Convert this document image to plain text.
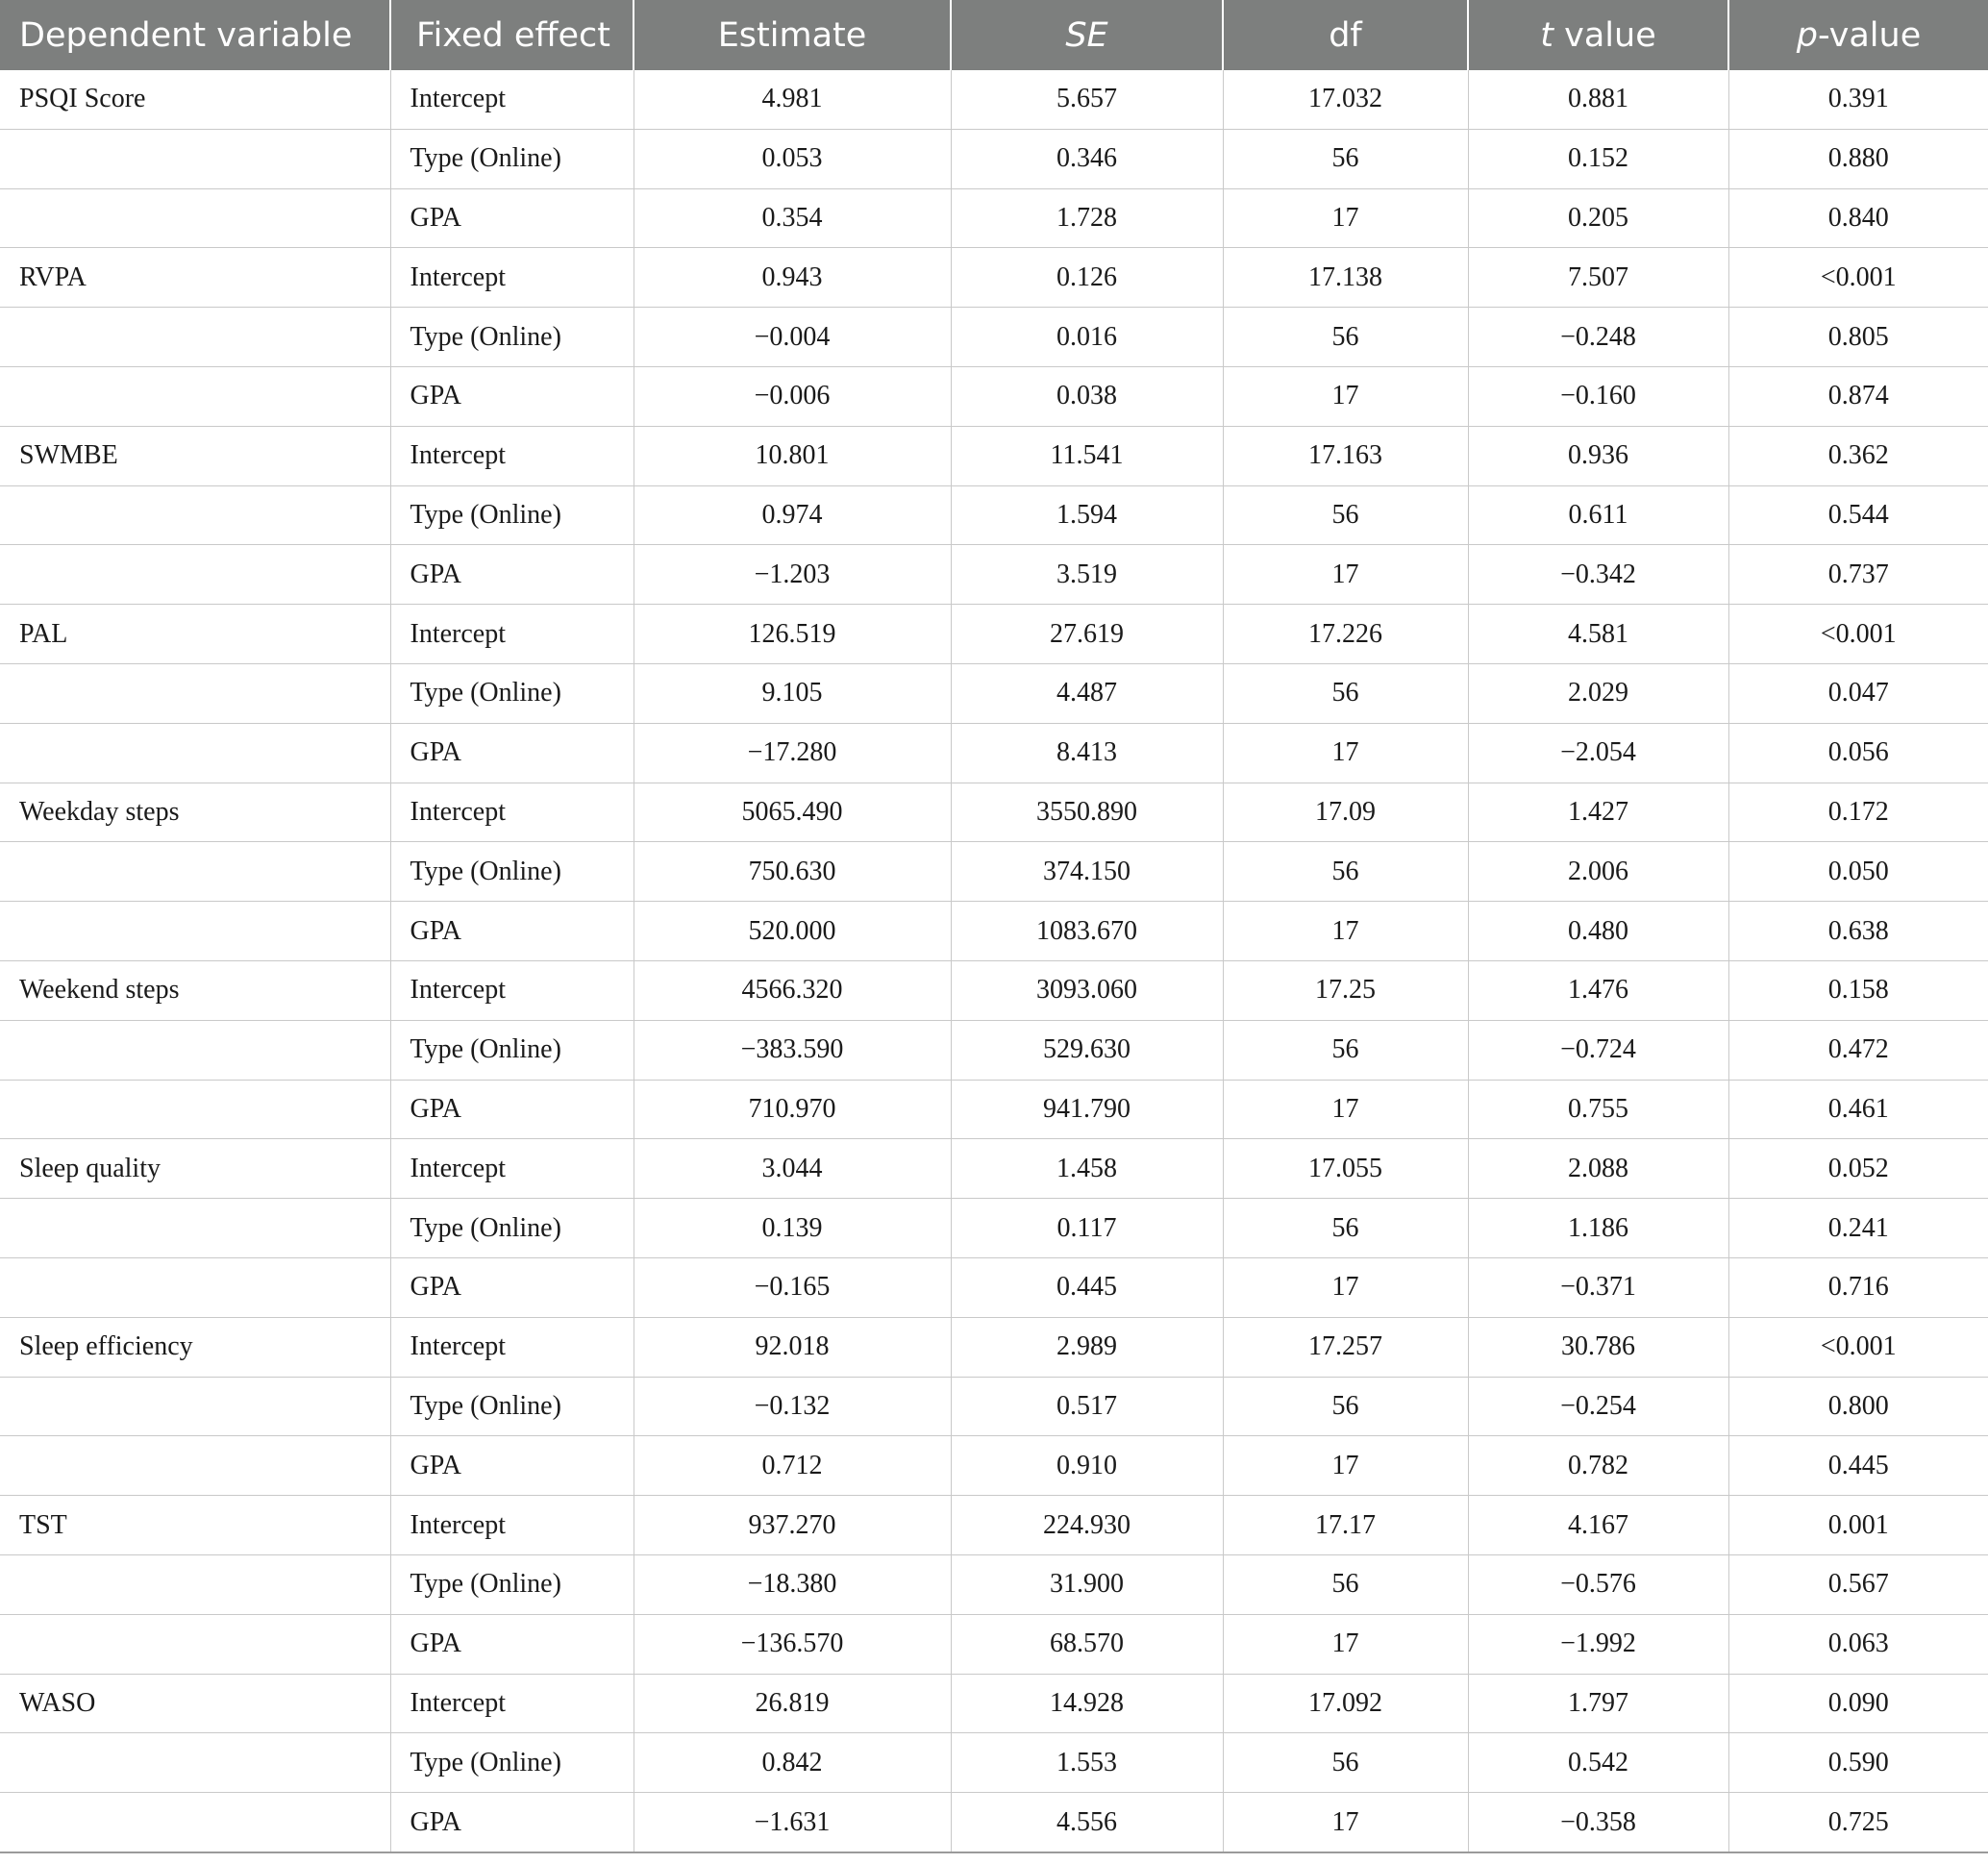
Dependent variable	Fixed effect	Estimate	SE	df	t value	p-value
PSQI Score	Intercept	4.981	5.657	17.032	0.881	0.391
	Type (Online)	0.053	0.346	56	0.152	0.880
	GPA	0.354	1.728	17	0.205	0.840
RVPA	Intercept	0.943	0.126	17.138	7.507	<0.001
	Type (Online)	−0.004	0.016	56	−0.248	0.805
	GPA	−0.006	0.038	17	−0.160	0.874
SWMBE	Intercept	10.801	11.541	17.163	0.936	0.362
	Type (Online)	0.974	1.594	56	0.611	0.544
	GPA	−1.203	3.519	17	−0.342	0.737
PAL	Intercept	126.519	27.619	17.226	4.581	<0.001
	Type (Online)	9.105	4.487	56	2.029	0.047
	GPA	−17.280	8.413	17	−2.054	0.056
Weekday steps	Intercept	5065.490	3550.890	17.09	1.427	0.172
	Type (Online)	750.630	374.150	56	2.006	0.050
	GPA	520.000	1083.670	17	0.480	0.638
Weekend steps	Intercept	4566.320	3093.060	17.25	1.476	0.158
	Type (Online)	−383.590	529.630	56	−0.724	0.472
	GPA	710.970	941.790	17	0.755	0.461
Sleep quality	Intercept	3.044	1.458	17.055	2.088	0.052
	Type (Online)	0.139	0.117	56	1.186	0.241
	GPA	−0.165	0.445	17	−0.371	0.716
Sleep efficiency	Intercept	92.018	2.989	17.257	30.786	<0.001
	Type (Online)	−0.132	0.517	56	−0.254	0.800
	GPA	0.712	0.910	17	0.782	0.445
TST	Intercept	937.270	224.930	17.17	4.167	0.001
	Type (Online)	−18.380	31.900	56	−0.576	0.567
	GPA	−136.570	68.570	17	−1.992	0.063
WASO	Intercept	26.819	14.928	17.092	1.797	0.090
	Type (Online)	0.842	1.553	56	0.542	0.590
	GPA	−1.631	4.556	17	−0.358	0.725
